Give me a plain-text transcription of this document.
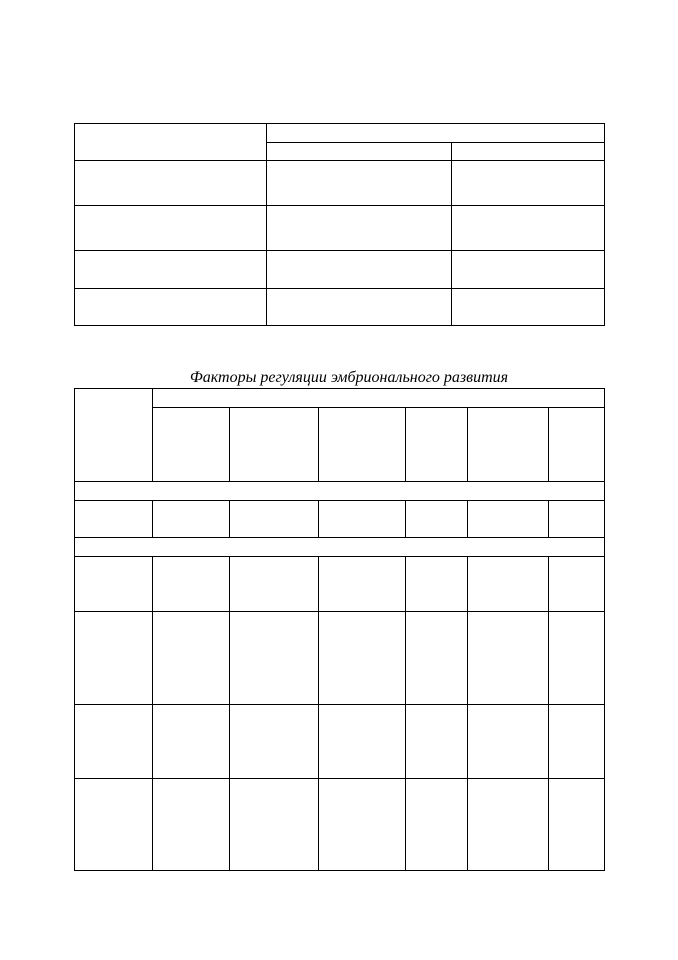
Факторы регуляции эмбрионального развития
